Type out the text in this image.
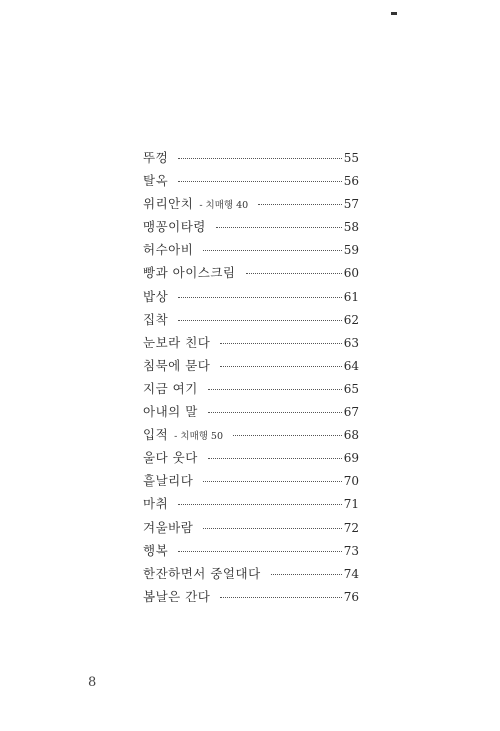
뚜껑	55
탈옥	56
위리안치 - 치매행 40	57
맹꽁이타령	58
허수아비	59
빵과 아이스크림	60
밥상	61
집착	62
눈보라 친다	63
침묵에 묻다	64
지금 여기	65
아내의 말	67
입적 - 치매행 50	68
울다 웃다	69
흩날리다	70
마취	71
겨울바람	72
행복	73
한잔하면서 중얼대다	74
봄날은 간다	76
8
